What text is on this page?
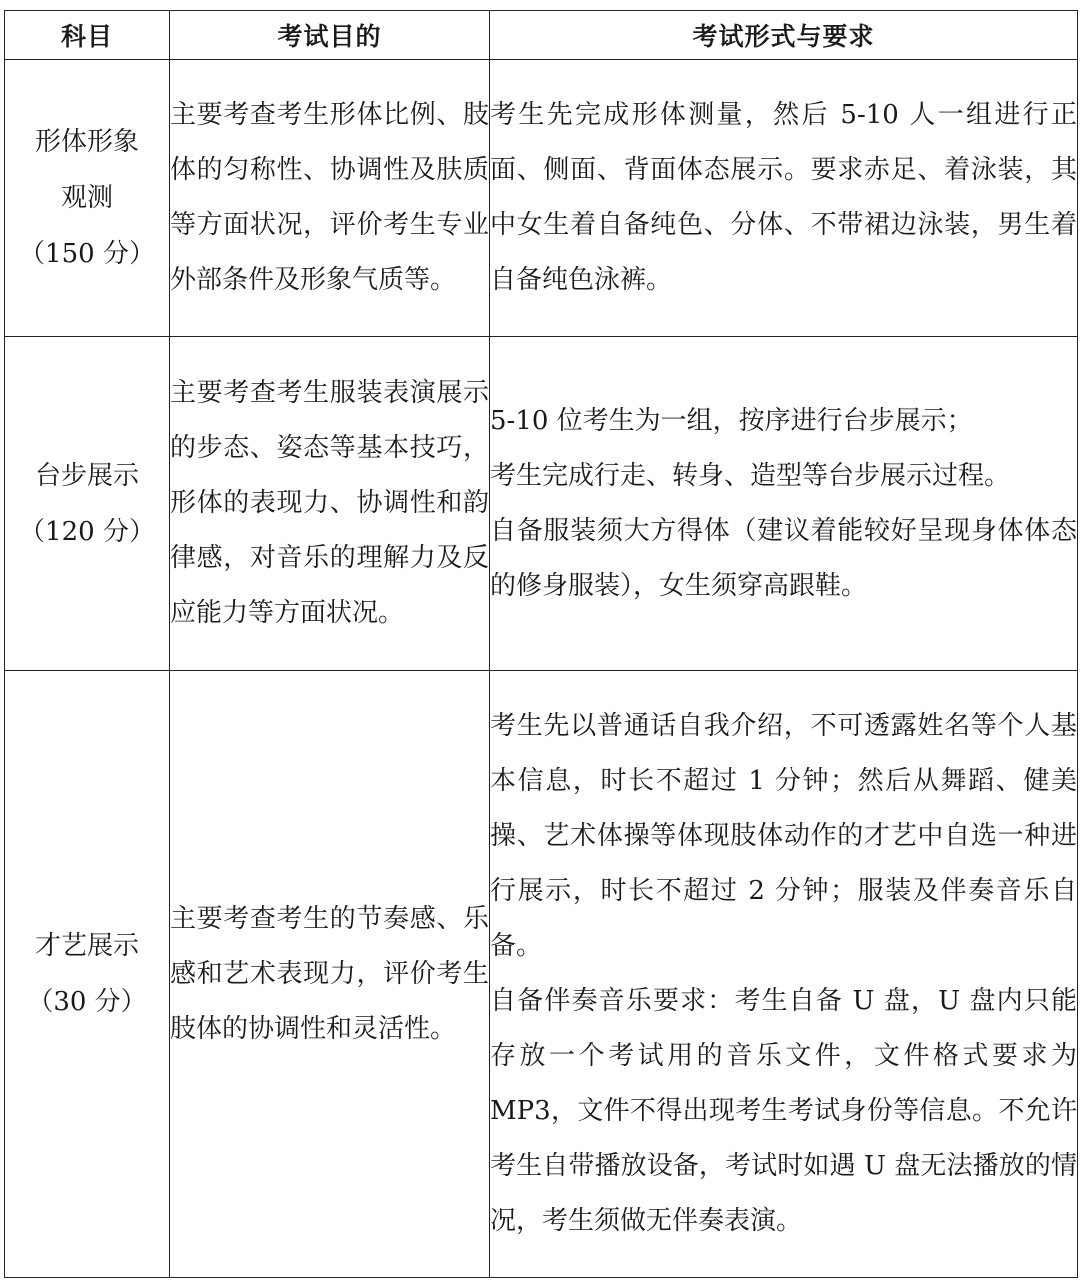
科目	考试目的	考试形式与要求

形体形象观测
（150 分）	主要考查考生形体比例、肢体的匀称性、协调性及肤质等方面状况，评价考生专业外部条件及形象气质等。	考生先完成形体测量，然后 5-10 人一组进行正面、侧面、背面体态展示。要求赤足、着泳装，其中女生着自备纯色、分体、不带裙边泳装，男生着自备纯色泳裤。

台步展示
（120 分）	主要考查考生服装表演展示的步态、姿态等基本技巧，形体的表现力、协调性和韵律感，对音乐的理解力及反应能力等方面状况。	5-10 位考生为一组，按序进行台步展示；
考生完成行走、转身、造型等台步展示过程。
自备服装须大方得体（建议着能较好呈现身体体态的修身服装），女生须穿高跟鞋。

才艺展示
（30 分）	主要考查考生的节奏感、乐感和艺术表现力，评价考生肢体的协调性和灵活性。	考生先以普通话自我介绍，不可透露姓名等个人基本信息，时长不超过 1 分钟；然后从舞蹈、健美操、艺术体操等体现肢体动作的才艺中自选一种进行展示，时长不超过 2 分钟；服装及伴奏音乐自备。
自备伴奏音乐要求：考生自备 U 盘，U 盘内只能存放一个考试用的音乐文件，文件格式要求为 MP3，文件不得出现考生考试身份等信息。不允许考生自带播放设备，考试时如遇 U 盘无法播放的情况，考生须做无伴奏表演。
